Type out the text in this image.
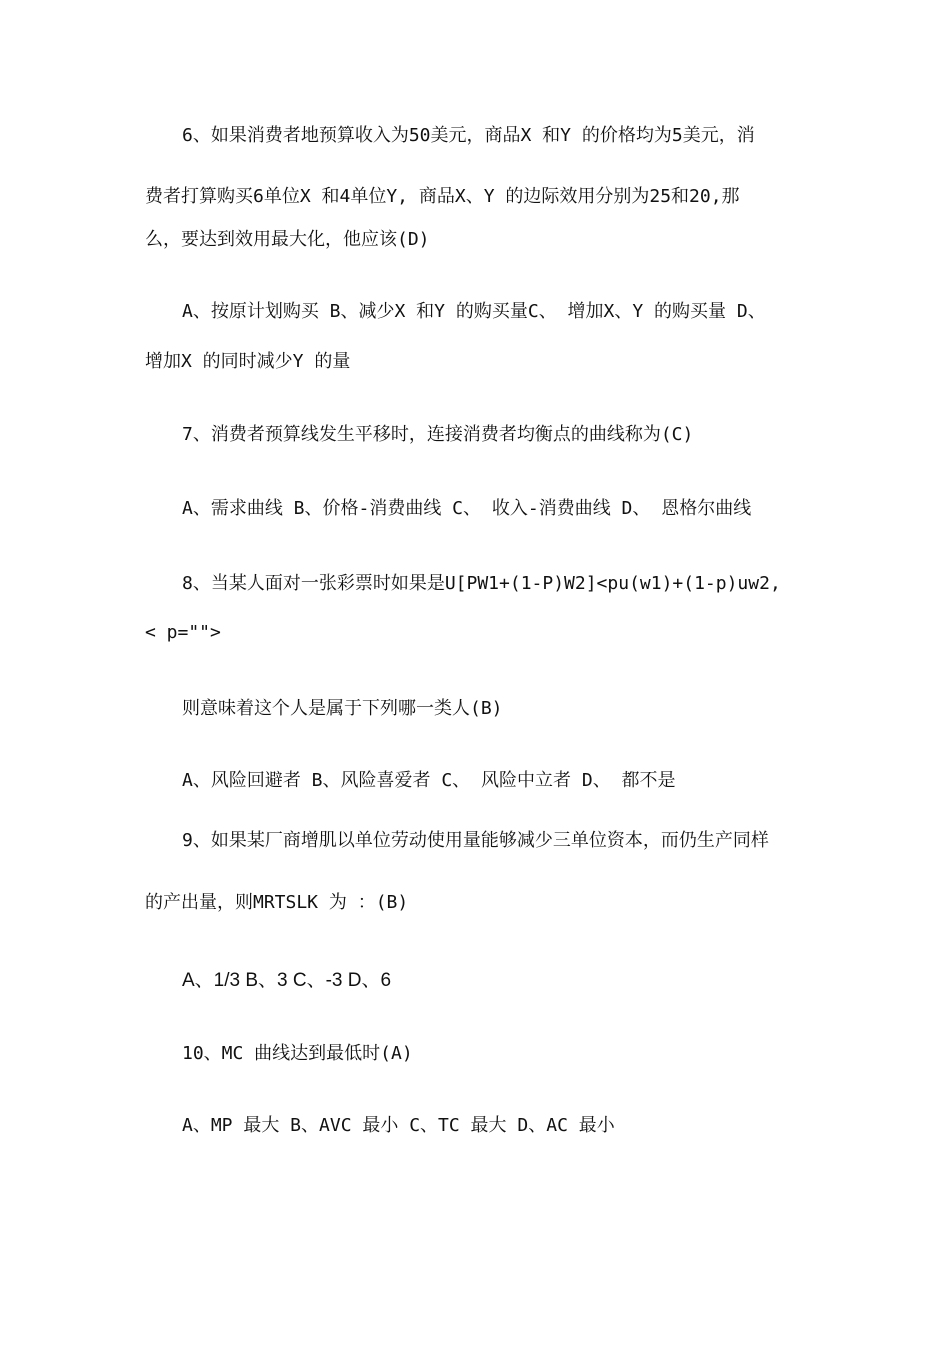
6、如果消费者地预算收入为50美元，商品X 和Y 的价格均为5美元，消
费者打算购买6单位X 和4单位Y, 商品X、Y 的边际效用分别为25和20,那
么，要达到效用最大化，他应该(D)
A、按原计划购买 B、减少X 和Y 的购买量C、 增加X、Y 的购买量 D、
增加X 的同时减少Y 的量
7、消费者预算线发生平移时，连接消费者均衡点的曲线称为(C)
A、需求曲线 B、价格-消费曲线 C、 收入-消费曲线 D、 恩格尔曲线
8、当某人面对一张彩票时如果是U[PW1+(1-P)W2]<pu(w1)+(1-p)uw2,
< p="">
则意味着这个人是属于下列哪一类人(B)
A、风险回避者 B、风险喜爱者 C、 风险中立者 D、 都不是
9、如果某厂商增肌以单位劳动使用量能够减少三单位资本，而仍生产同样
的产出量，则MRTSLK 为 ：(B)
A、1/3 B、3 C、-3 D、6
10、MC 曲线达到最低时(A)
A、MP 最大 B、AVC 最小 C、TC 最大 D、AC 最小
